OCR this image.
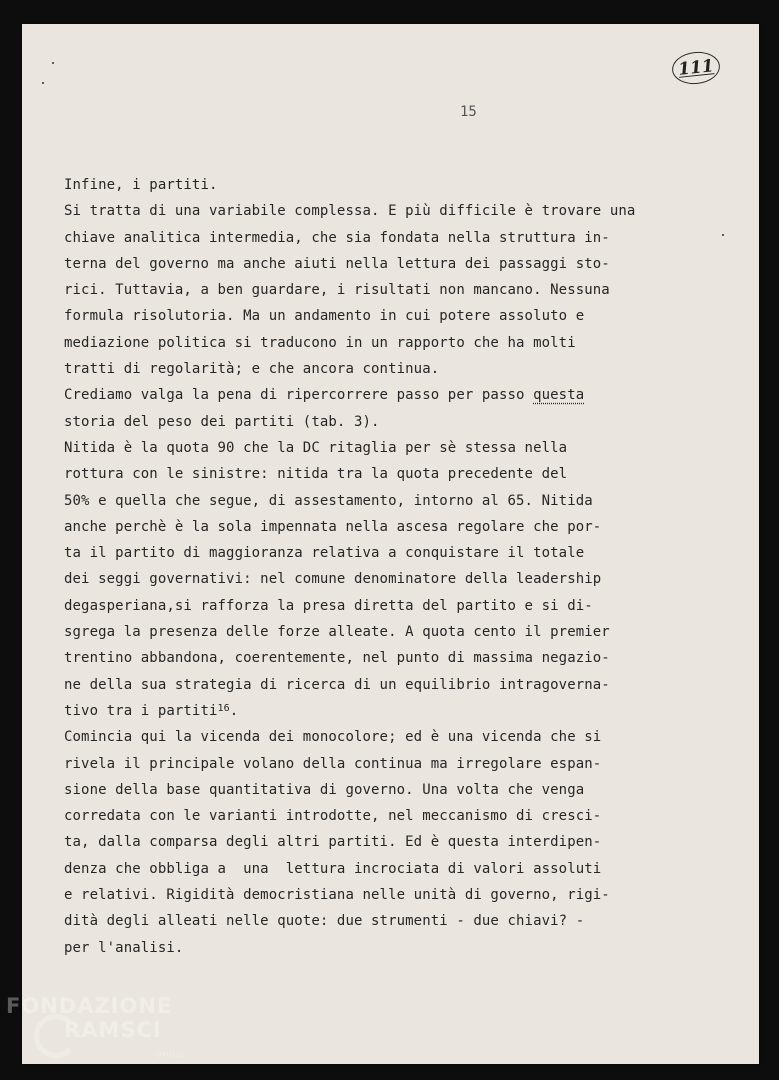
111
15
Infine, i partiti.
Si tratta di una variabile complessa. E più difficile è trovare una
chiave analitica intermedia, che sia fondata nella struttura in-
terna del governo ma anche aiuti nella lettura dei passaggi sto-
rici. Tuttavia, a ben guardare, i risultati non mancano. Nessuna
formula risolutoria. Ma un andamento in cui potere assoluto e
mediazione politica si traducono in un rapporto che ha molti
tratti di regolarità; e che ancora continua.
Crediamo valga la pena di ripercorrere passo per passo questa
storia del peso dei partiti (tab. 3).
Nitida è la quota 90 che la DC ritaglia per sè stessa nella
rottura con le sinistre: nitida tra la quota precedente del
50% e quella che segue, di assestamento, intorno al 65. Nitida
anche perchè è la sola impennata nella ascesa regolare che por-
ta il partito di maggioranza relativa a conquistare il totale
dei seggi governativi: nel comune denominatore della leadership
degasperiana,si rafforza la presa diretta del partito e si di-
sgrega la presenza delle forze alleate. A quota cento il premier
trentino abbandona, coerentemente, nel punto di massima negazio-
ne della sua strategia di ricerca di un equilibrio intragoverna-
tivo tra i partiti$^{16}$.
Comincia qui la vicenda dei monocolore; ed è una vicenda che si
rivela il principale volano della continua ma irregolare espan-
sione della base quantitativa di governo. Una volta che venga
corredata con le varianti introdotte, nel meccanismo di cresci-
ta, dalla comparsa degli altri partiti. Ed è questa interdipen-
denza che obbliga a  una  lettura incrociata di valori assoluti
e relativi. Rigidità democristiana nelle unità di governo, rigi-
dità degli alleati nelle quote: due strumenti - due chiavi? -
per l'analisi.
FONDAZIONE
RAMSCI
onlus
